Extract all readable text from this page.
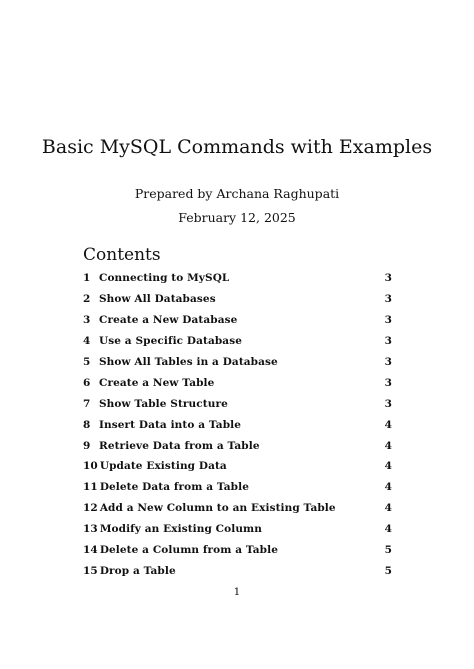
Basic MySQL Commands with Examples
Prepared by Archana Raghupati
February 12, 2025
Contents
1 Connecting to MySQL	3
2 Show All Databases	3
3 Create a New Database	3
4 Use a Specific Database	3
5 Show All Tables in a Database	3
6 Create a New Table	3
7 Show Table Structure	3
8 Insert Data into a Table	4
9 Retrieve Data from a Table	4
10 Update Existing Data	4
11 Delete Data from a Table	4
12 Add a New Column to an Existing Table	4
13 Modify an Existing Column	4
14 Delete a Column from a Table	5
15 Drop a Table	5
1
